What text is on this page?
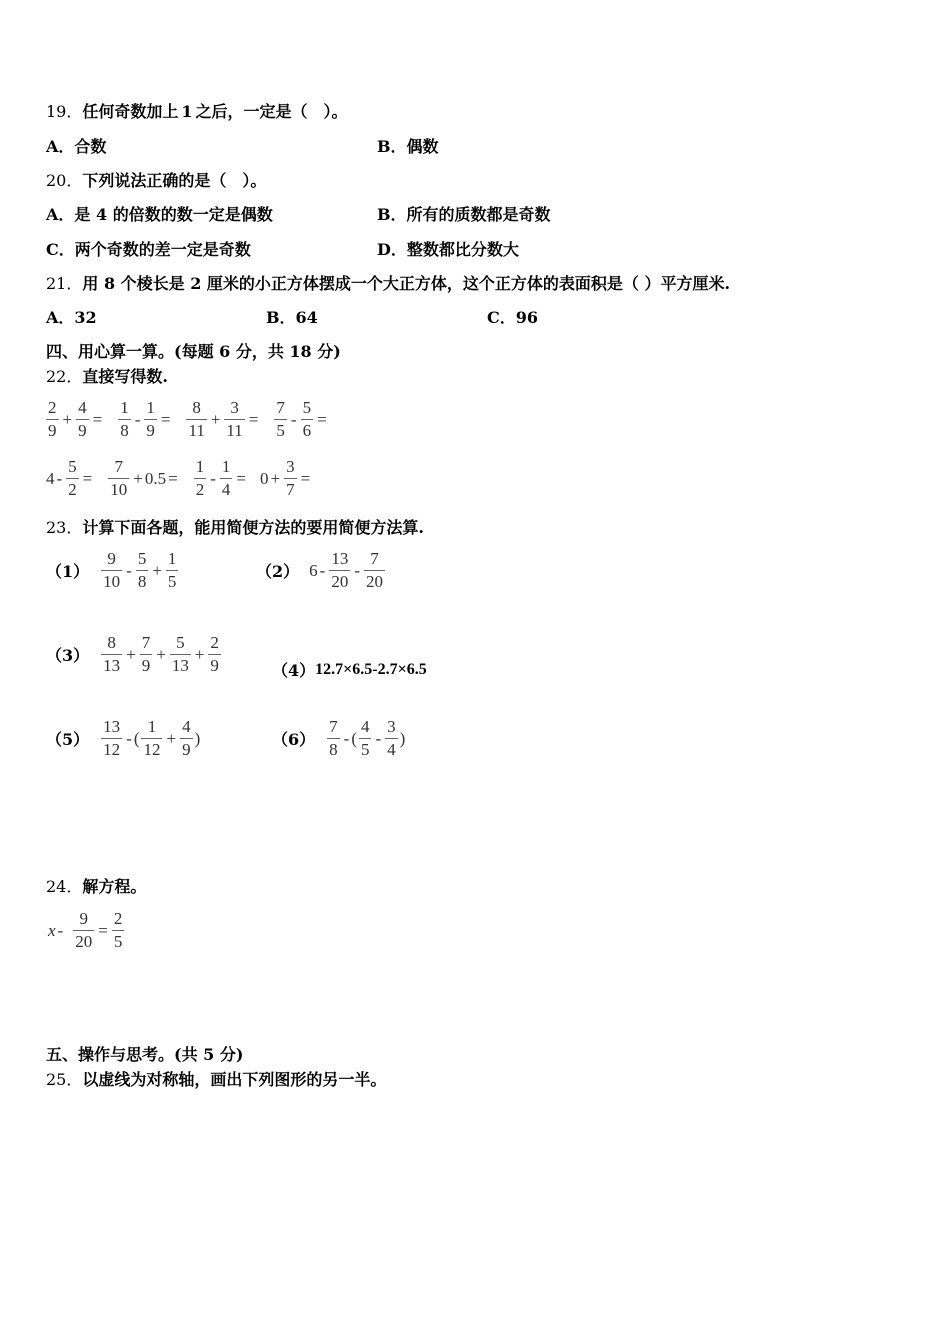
19．任何奇数加上 1 之后，一定是（　）。
A．合数	B．偶数
20．下列说法正确的是（　）。
A．是 4 的倍数的数一定是偶数	B．所有的质数都是奇数
C．两个奇数的差一定是奇数	D．整数都比分数大
21．用 8 个棱长是 2 厘米的小正方体摆成一个大正方体，这个正方体的表面积是（ ）平方厘米.
A．32	B．64	C．96
四、用心算一算。(每题 6 分，共 18 分)
22．直接写得数.
$\frac{2}{9} + \frac{4}{9} = \frac{1}{8} - \frac{1}{9} = \frac{8}{11} + \frac{3}{11} = \frac{7}{5} - \frac{5}{6}$ =
$4 - \frac{5}{2} = \frac{7}{10} + 0.5 = \frac{1}{2} - \frac{1}{4} = 0 + \frac{3}{7}$ =
23．计算下面各题，能用简便方法的要用简便方法算.
$(1) \frac{9}{10} - \frac{5}{8} + \frac{1}{5}$	（2） $6 - \frac{13}{20} - \frac{7}{20}$
$(3) \frac{8}{13} + \frac{7}{9} + \frac{5}{13} + \frac{2}{9}$	（4） 12.7×6.5-2.7×6.5
$(5) \frac{13}{12}$ - ( $\frac{1}{12} + \frac{4}{9}$ )	$(6) \frac{7}{8}$ - ( $\frac{4}{5} - \frac{3}{4}$ )
24．解方程。
$x - \frac{9}{20} = \frac{2}{5}$
五、操作与思考。(共 5 分)
25．以虚线为对称轴，画出下列图形的另一半。
